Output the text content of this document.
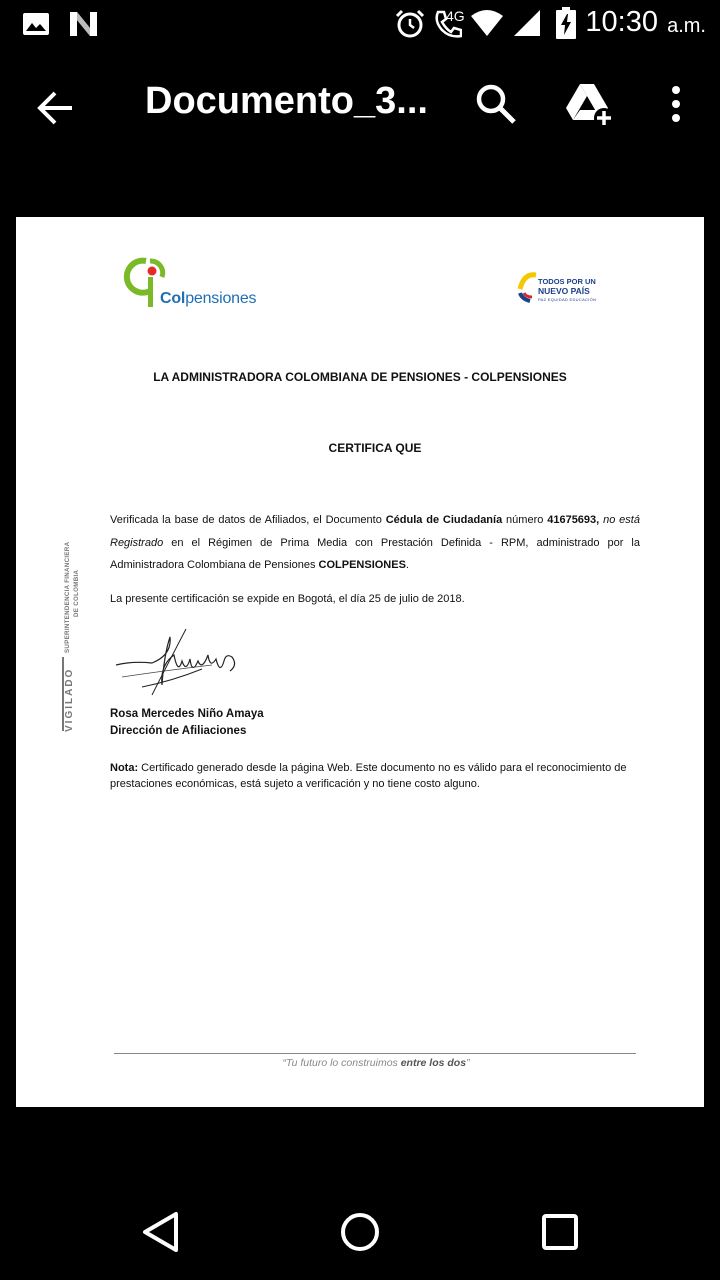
4G	10:30 a.m.
Documento_3...
Colpensiones
TODOS POR UN
NUEVO PAÍS
PAZ EQUIDAD EDUCACIÓN
LA ADMINISTRADORA COLOMBIANA DE PENSIONES - COLPENSIONES
CERTIFICA QUE
Verificada la base de datos de Afiliados, el Documento Cédula de Ciudadanía número 41675693, no está Registrado en el Régimen de Prima Media con Prestación Definida - RPM, administrado por la Administradora Colombiana de Pensiones COLPENSIONES.
La presente certificación se expide en Bogotá, el día 25 de julio de 2018.
Rosa Mercedes Niño Amaya
Dirección de Afiliaciones
Nota: Certificado generado desde la página Web. Este documento no es válido para el reconocimiento de prestaciones económicas, está sujeto a verificación y no tiene costo alguno.
VIGILADO
SUPERINTENDENCIA FINANCIERA DE COLOMBIA
“Tu futuro lo construimos entre los dos”
